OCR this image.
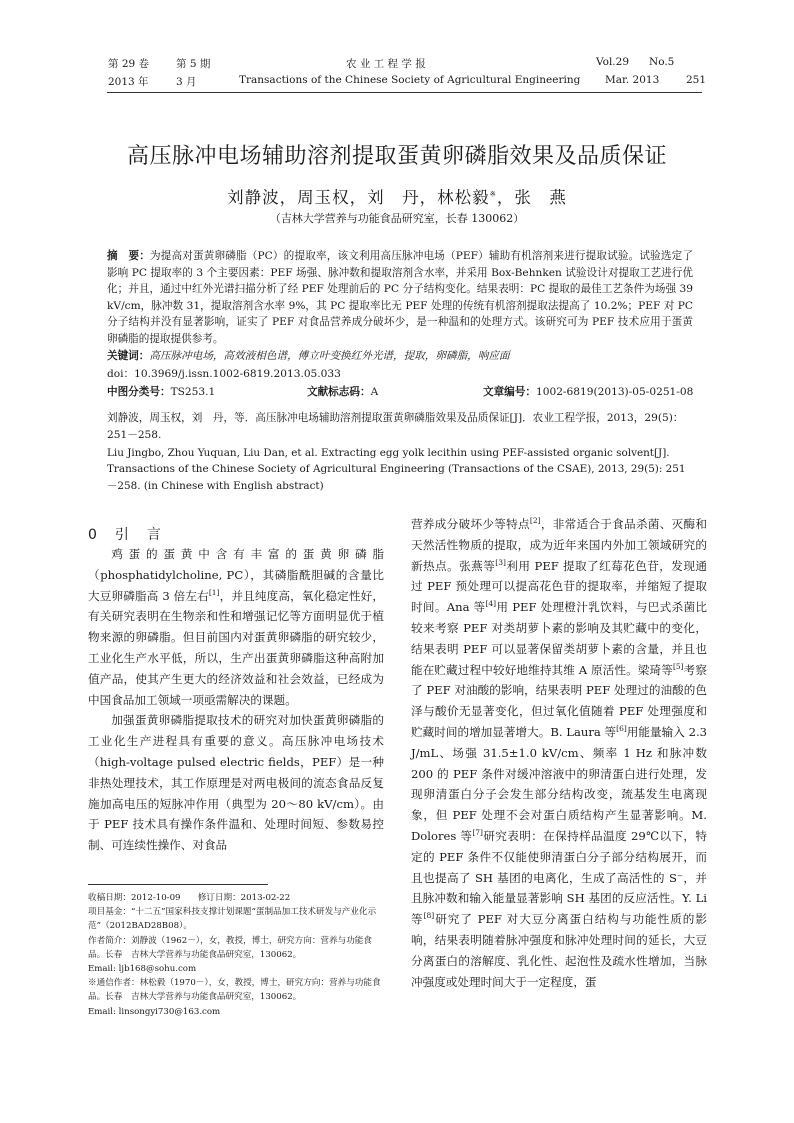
第 29 卷	第 5 期	农 业 工 程 学 报	Vol.29 No.5
2013 年	3 月	Transactions of the Chinese Society of Agricultural Engineering Mar. 2013	251
高压脉冲电场辅助溶剂提取蛋黄卵磷脂效果及品质保证
刘静波，周玉权，刘　丹，林松毅※，张　燕
（吉林大学营养与功能食品研究室，长春 130062）
摘　要：为提高对蛋黄卵磷脂（PC）的提取率，该文利用高压脉冲电场（PEF）辅助有机溶剂来进行提取试验。试验选定了影响 PC 提取率的 3 个主要因素：PEF 场强、脉冲数和提取溶剂含水率，并采用 Box-Behnken 试验设计对提取工艺进行优化；并且，通过中红外光谱扫描分析了经 PEF 处理前后的 PC 分子结构变化。结果表明：PC 提取的最佳工艺条件为场强 39 kV/cm，脉冲数 31，提取溶剂含水率 9%，其 PC 提取率比无 PEF 处理的传统有机溶剂提取法提高了 10.2%；PEF 对 PC 分子结构并没有显著影响，证实了 PEF 对食品营养成分破坏少，是一种温和的处理方式。该研究可为 PEF 技术应用于蛋黄卵磷脂的提取提供参考。
关键词：高压脉冲电场，高效液相色谱，傅立叶变换红外光谱，提取，卵磷脂，响应面
doi：10.3969/j.issn.1002-6819.2013.05.033
中图分类号： TS253.1	文献标志码： A	文章编号： 1002-6819(2013)-05-0251-08
刘静波，周玉权，刘　丹，等．高压脉冲电场辅助溶剂提取蛋黄卵磷脂效果及品质保证[J]．农业工程学报，2013，29(5)：251－258.
Liu Jingbo, Zhou Yuquan, Liu Dan, et al. Extracting egg yolk lecithin using PEF-assisted organic solvent[J]. Transactions of the Chinese Society of Agricultural Engineering (Transactions of the CSAE), 2013, 29(5): 251－258. (in Chinese with English abstract)
0　引　言

鸡蛋的蛋黄中含有丰富的蛋黄卵磷脂（phosphatidylcholine, PC），其磷脂酰胆碱的含量比大豆卵磷脂高 3 倍左右[1]，并且纯度高，氧化稳定性好，有关研究表明在生物亲和性和增强记忆等方面明显优于植物来源的卵磷脂。但目前国内对蛋黄卵磷脂的研究较少，工业化生产水平低，所以，生产出蛋黄卵磷脂这种高附加值产品，使其产生更大的经济效益和社会效益，已经成为中国食品加工领域一项亟需解决的课题。

加强蛋黄卵磷脂提取技术的研究对加快蛋黄卵磷脂的工业化生产进程具有重要的意义。高压脉冲电场技术（high-voltage pulsed electric fields，PEF）是一种非热处理技术，其工作原理是对两电极间的流态食品反复施加高电压的短脉冲作用（典型为 20～80 kV/cm）。由于 PEF 技术具有操作条件温和、处理时间短、参数易控制、可连续性操作、对食品

营养成分破坏少等特点[2]，非常适合于食品杀菌、灭酶和天然活性物质的提取，成为近年来国内外加工领域研究的新热点。张燕等[3]利用 PEF 提取了红莓花色苷，发现通过 PEF 预处理可以提高花色苷的提取率，并缩短了提取时间。Ana 等[4]用 PEF 处理橙汁乳饮料，与巴式杀菌比较来考察 PEF 对类胡萝卜素的影响及其贮藏中的变化，结果表明 PEF 可以显著保留类胡萝卜素的含量，并且也能在贮藏过程中较好地维持其维 A 原活性。梁琦等[5]考察了 PEF 对油酸的影响，结果表明 PEF 处理过的油酸的色泽与酸价无显著变化，但过氧化值随着 PEF 处理强度和贮藏时间的增加显著增大。B. Laura 等[6]用能量输入 2.3 J/mL、场强 31.5±1.0 kV/cm、频率 1 Hz 和脉冲数 200 的 PEF 条件对缓冲溶液中的卵清蛋白进行处理，发现卵清蛋白分子会发生部分结构改变，巯基发生电离现象，但 PEF 处理不会对蛋白质结构产生显著影响。M. Dolores 等[7]研究表明：在保持样品温度 29℃以下，特定的 PEF 条件不仅能使卵清蛋白分子部分结构展开，而且也提高了 SH 基团的电离化，生成了高活性的 S⁻，并且脉冲数和输入能量显著影响 SH 基团的反应活性。Y. Li 等[8]研究了 PEF 对大豆分离蛋白结构与功能性质的影响，结果表明随着脉冲强度和脉冲处理时间的延长，大豆分离蛋白的溶解度、乳化性、起泡性及疏水性增加，当脉冲强度或处理时间大于一定程度，蛋

收稿日期：2012-10-09　　修订日期：2013-02-22
项目基金：“十二五”国家科技支撑计划课题“蛋制品加工技术研发与产业化示范”（2012BAD28B08）。
作者简介：刘静波（1962－），女，教授，博士，研究方向：营养与功能食品。长春　吉林大学营养与功能食品研究室，130062。
Email: ljb168@sohu.com
※通信作者：林松毅（1970－），女，教授，博士，研究方向：营养与功能食品。长春　吉林大学营养与功能食品研究室，130062。
Email: linsongyi730@163.com
